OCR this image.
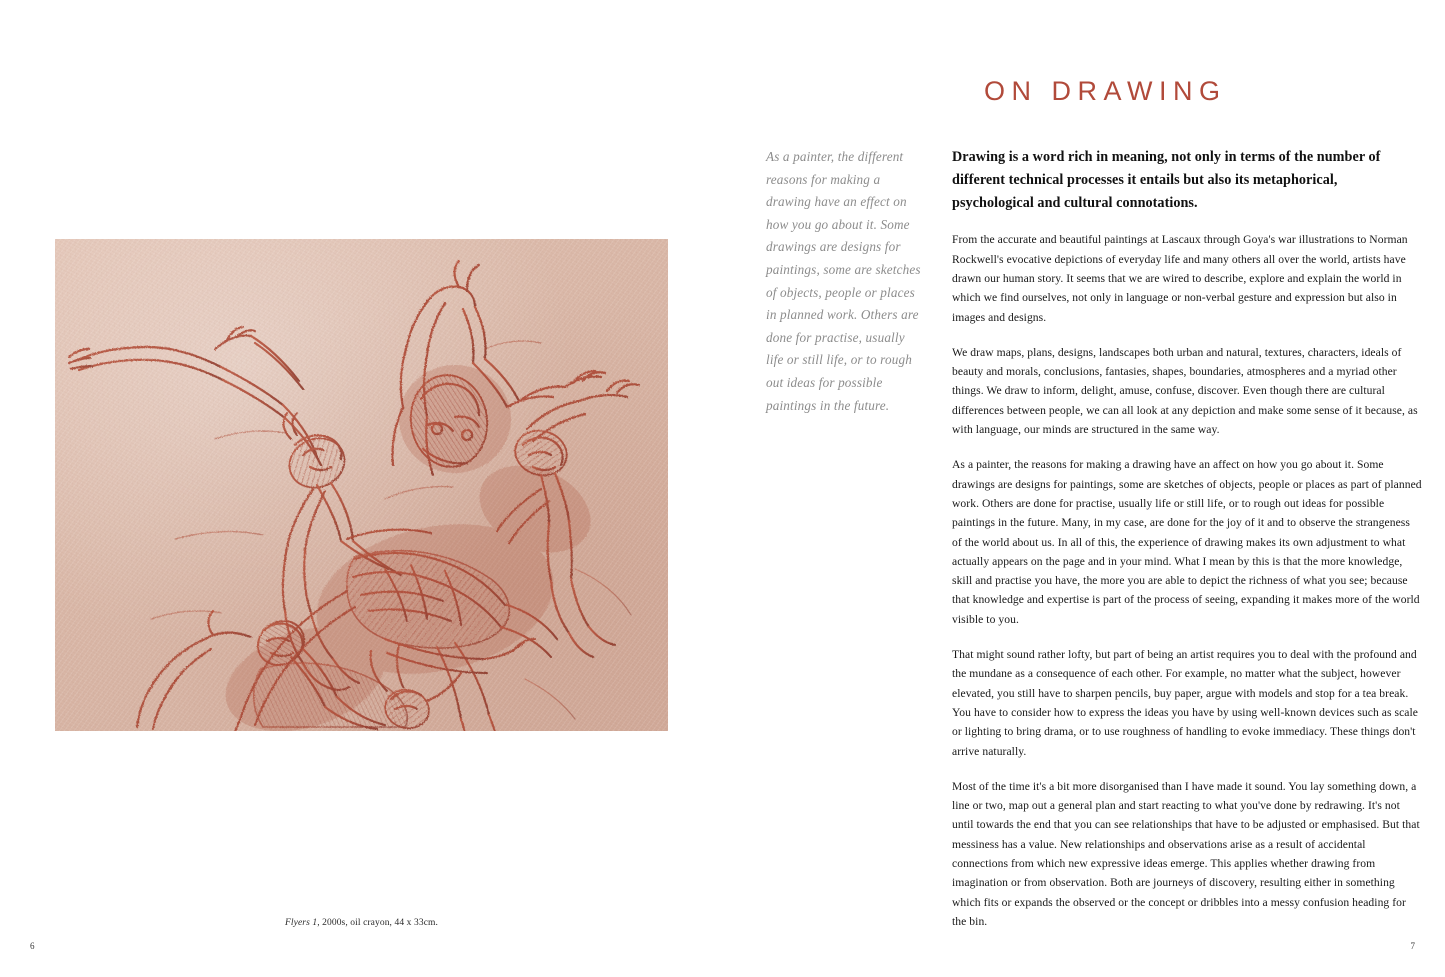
Flyers 1, 2000s, oil crayon, 44 x 33cm.
6
ON DRAWING

As a painter, the different reasons for making a drawing have an effect on how you go about it. Some drawings are designs for paintings, some are sketches of objects, people or places in planned work. Others are done for practise, usually life or still life, or to rough out ideas for possible paintings in the future.

Drawing is a word rich in meaning, not only in terms of the number of different technical processes it entails but also its metaphorical, psychological and cultural connotations.

From the accurate and beautiful paintings at Lascaux through Goya's war illustrations to Norman Rockwell's evocative depictions of everyday life and many others all over the world, artists have drawn our human story. It seems that we are wired to describe, explore and explain the world in which we find ourselves, not only in language or non-verbal gesture and expression but also in images and designs.

We draw maps, plans, designs, landscapes both urban and natural, textures, characters, ideals of beauty and morals, conclusions, fantasies, shapes, boundaries, atmospheres and a myriad other things. We draw to inform, delight, amuse, confuse, discover. Even though there are cultural differences between people, we can all look at any depiction and make some sense of it because, as with language, our minds are structured in the same way.

As a painter, the reasons for making a drawing have an affect on how you go about it. Some drawings are designs for paintings, some are sketches of objects, people or places as part of planned work. Others are done for practise, usually life or still life, or to rough out ideas for possible paintings in the future. Many, in my case, are done for the joy of it and to observe the strangeness of the world about us. In all of this, the experience of drawing makes its own adjustment to what actually appears on the page and in your mind. What I mean by this is that the more knowledge, skill and practise you have, the more you are able to depict the richness of what you see; because that knowledge and expertise is part of the process of seeing, expanding it makes more of the world visible to you.

That might sound rather lofty, but part of being an artist requires you to deal with the profound and the mundane as a consequence of each other. For example, no matter what the subject, however elevated, you still have to sharpen pencils, buy paper, argue with models and stop for a tea break. You have to consider how to express the ideas you have by using well-known devices such as scale or lighting to bring drama, or to use roughness of handling to evoke immediacy. These things don't arrive naturally.

Most of the time it's a bit more disorganised than I have made it sound. You lay something down, a line or two, map out a general plan and start reacting to what you've done by redrawing. It's not until towards the end that you can see relationships that have to be adjusted or emphasised. But that messiness has a value. New relationships and observations arise as a result of accidental connections from which new expressive ideas emerge. This applies whether drawing from imagination or from observation. Both are journeys of discovery, resulting either in something which fits or expands the observed or the concept or dribbles into a messy confusion heading for the bin.

7
